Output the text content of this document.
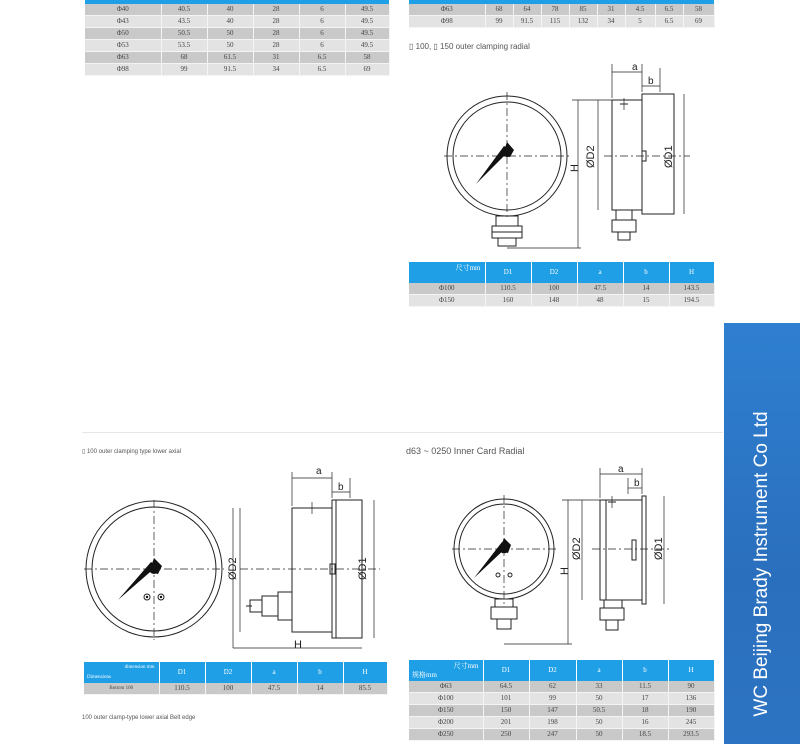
Φ40	40.5	40	28	6	49.5
Φ43	43.5	40	28	6	49.5
Φ50	50.5	50	28	6	49.5
Φ53	53.5	50	28	6	49.5
Φ63	68	61.5	31	6.5	58
Φ98	99	91.5	34	6.5	69
Φ63	68	64	78	85	31	4.5	6.5	58
Φ98	99	91.5	115	132	34	5	6.5	69
▯ 100, ▯ 150 outer clamping radial
a
b
H
ØD2	ØD1
尺寸mm	D1	D2	a	b	H
Φ100	110.5	100	47.5	14	143.5
Φ150	160	148	48	15	194.5
▯ 100 outer clamping type lower axial
a
b
H
ØD2	ØD1
dimension mm
Dimensions	D1	D2	a	b	H
Bottom 100	110.5	100	47.5	14	85.5
100 outer clamp-type lower axial Belt edge
d63 ~ 0250 Inner Card Radial
a
b
H
ØD2	ØD1
尺寸mm
规格mm	D1	D2	a	b	H
Φ63	64.5	62	33	11.5	90
Φ100	101	99	50	17	136
Φ150	150	147	50.5	18	190
Φ200	201	198	50	16	245
Φ250	250	247	50	18.5	293.5
WC Beijing Brady Instrument Co Ltd
